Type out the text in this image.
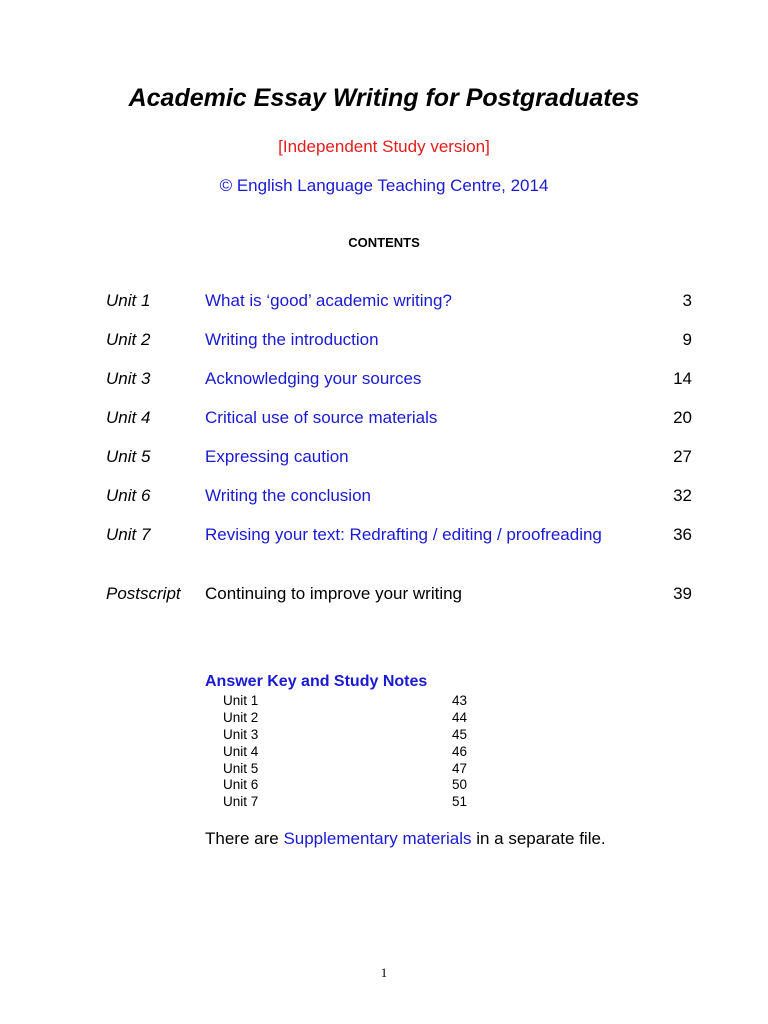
Academic Essay Writing for Postgraduates
[Independent Study version]
© English Language Teaching Centre, 2014
CONTENTS
Unit 1	What is ‘good’ academic writing?	3
Unit 2	Writing the introduction	9
Unit 3	Acknowledging your sources	14
Unit 4	Critical use of source materials	20
Unit 5	Expressing caution	27
Unit 6	Writing the conclusion	32
Unit 7	Revising your text: Redrafting / editing / proofreading	36
Postscript Continuing to improve your writing	39
Answer Key and Study Notes
Unit 1	43
Unit 2	44
Unit 3	45
Unit 4	46
Unit 5	47
Unit 6	50
Unit 7	51
There are Supplementary materials in a separate file.
1
